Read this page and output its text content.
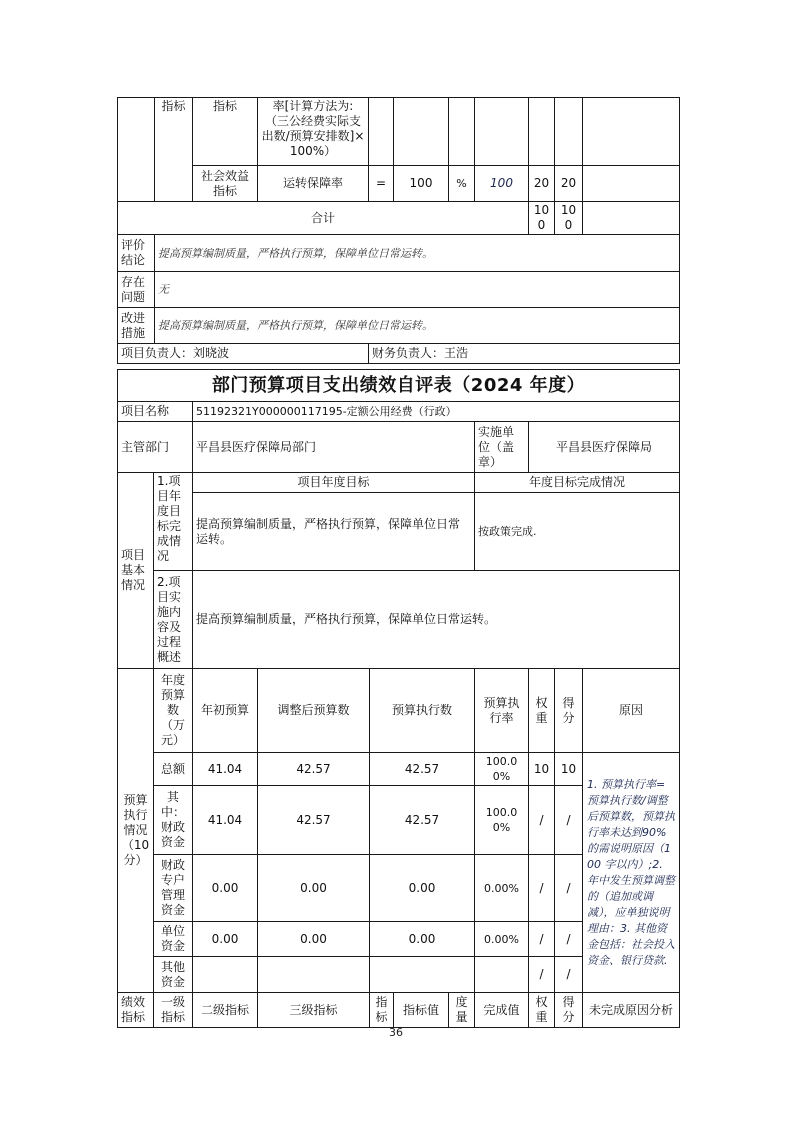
	指标	指标	率[计算方法为:（三公经费实际支出数/预算安排数]×100%）							
		社会效益指标	运转保障率	=	100	%	100	20	20	
合计								100	100	
评价结论	提高预算编制质量，严格执行预算，保障单位日常运转。									
存在问题	无									
改进措施	提高预算编制质量，严格执行预算，保障单位日常运转。									
项目负责人：刘晓波				财务负责人：王浩						
部门预算项目支出绩效自评表（2024 年度）										
项目名称		51192321Y000000117195-定额公用经费（行政）								
主管部门		平昌县医疗保障局部门					实施单位（盖章）	平昌县医疗保障局		
项目基本情况	1.项目年度目标完成情况	项目年度目标					年度目标完成情况			
		提高预算编制质量，严格执行预算，保障单位日常运转。					按政策完成.			
	2.项目实施内容及过程概述	提高预算编制质量，严格执行预算，保障单位日常运转。								
预算执行情况（10分）	年度预算数（万元）	年初预算	调整后预算数	预算执行数			预算执行率	权重	得分	原因
	总额	41.04	42.57	42.57			100.00%	10	10	1. 预算执行率=预算执行数/调整后预算数，预算执行率未达到90%的需说明原因（100 字以内）;2. 年中发生预算调整的（追加或调减），应单独说明理由：3. 其他资金包括：社会投入资金、银行贷款.
	其中：财政资金	41.04	42.57	42.57			100.00%	/	/	
	财政专户管理资金	0.00	0.00	0.00			0.00%	/	/	
	单位资金	0.00	0.00	0.00			0.00%	/	/	
	其他资金							/	/	
绩效指标	一级指标	二级指标	三级指标	指标	指标值	度量	完成值	权重	得分	未完成原因分析
36
